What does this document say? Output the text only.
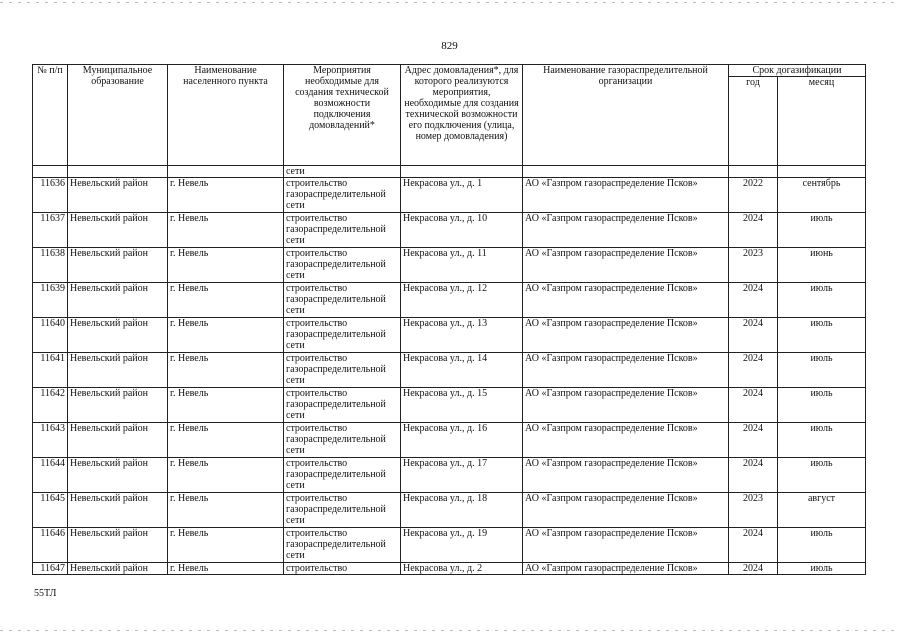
829
№ п/п	Муниципальное образование	Наименование населенного пункта	Мероприятия необходимые для создания технической возможности подключения домовладений*	Адрес домовладения*, для которого реализуются мероприятия, необходимые для создания технической возможности его подключения (улица, номер домовладения)	Наименование газораспределительной организации	Срок догазификации	
						год	месяц
			сети				
11636	Невельский район	г. Невель	строительство газораспределительной сети	Некрасова ул., д. 1	АО «Газпром газораспределение Псков»	2022	сентябрь
11637	Невельский район	г. Невель	строительство газораспределительной сети	Некрасова ул., д. 10	АО «Газпром газораспределение Псков»	2024	июль
11638	Невельский район	г. Невель	строительство газораспределительной сети	Некрасова ул., д. 11	АО «Газпром газораспределение Псков»	2023	июнь
11639	Невельский район	г. Невель	строительство газораспределительной сети	Некрасова ул., д. 12	АО «Газпром газораспределение Псков»	2024	июль
11640	Невельский район	г. Невель	строительство газораспределительной сети	Некрасова ул., д. 13	АО «Газпром газораспределение Псков»	2024	июль
11641	Невельский район	г. Невель	строительство газораспределительной сети	Некрасова ул., д. 14	АО «Газпром газораспределение Псков»	2024	июль
11642	Невельский район	г. Невель	строительство газораспределительной сети	Некрасова ул., д. 15	АО «Газпром газораспределение Псков»	2024	июль
11643	Невельский район	г. Невель	строительство газораспределительной сети	Некрасова ул., д. 16	АО «Газпром газораспределение Псков»	2024	июль
11644	Невельский район	г. Невель	строительство газораспределительной сети	Некрасова ул., д. 17	АО «Газпром газораспределение Псков»	2024	июль
11645	Невельский район	г. Невель	строительство газораспределительной сети	Некрасова ул., д. 18	АО «Газпром газораспределение Псков»	2023	август
11646	Невельский район	г. Невель	строительство газораспределительной сети	Некрасова ул., д. 19	АО «Газпром газораспределение Псков»	2024	июль
11647	Невельский район	г. Невель	строительство	Некрасова ул., д. 2	АО «Газпром газораспределение Псков»	2024	июль
55ТЛ
